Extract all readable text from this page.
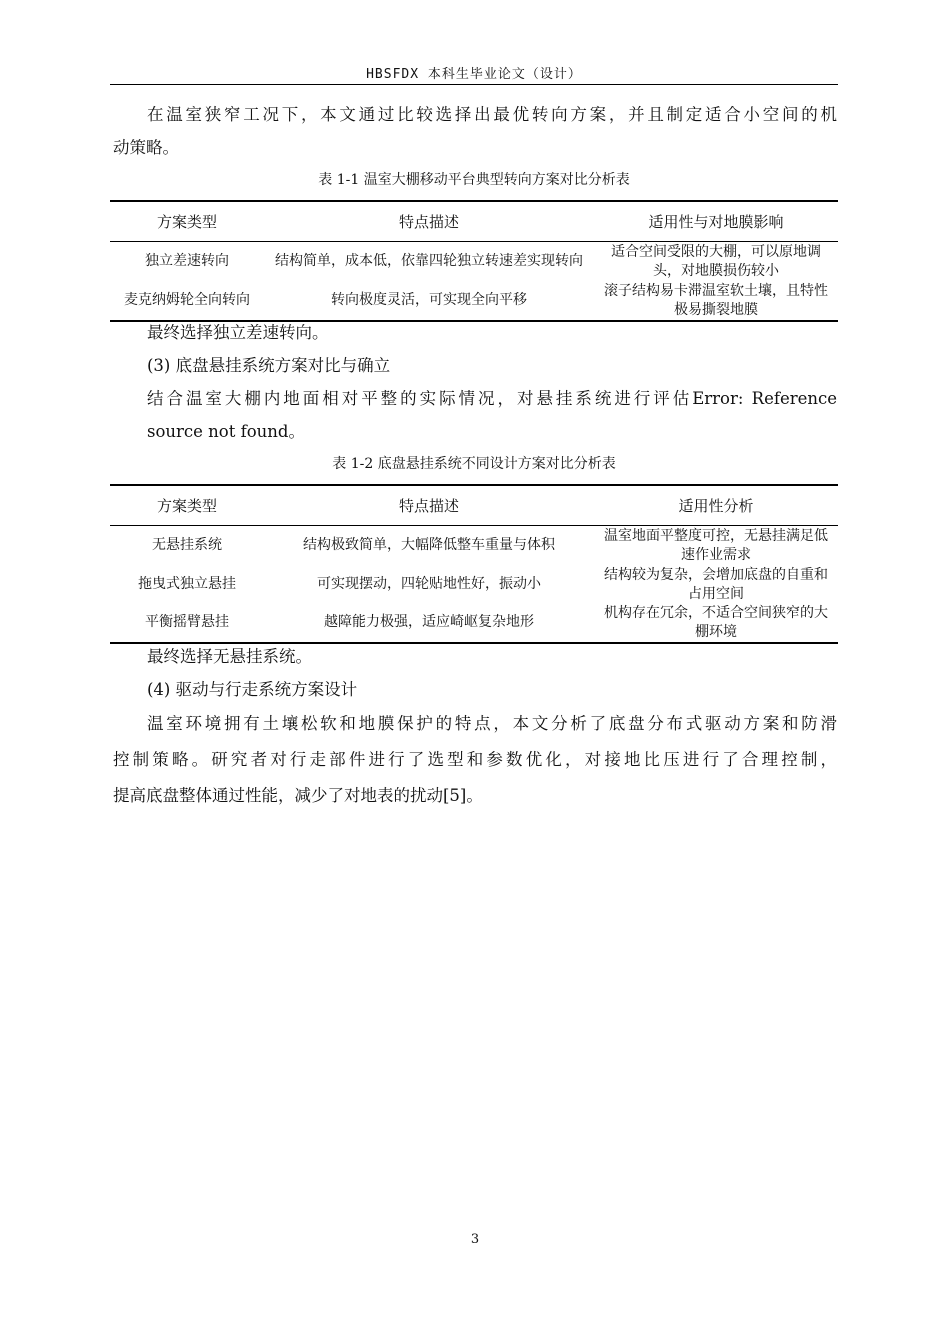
HBSFDX 本科生毕业论文（设计）

在温室狭窄工况下，本文通过比较选择出最优转向方案，并且制定适合小空间的机

动策略。

表 1-1 温室大棚移动平台典型转向方案对比分析表
方案类型	特点描述	适用性与对地膜影响
独立差速转向	结构简单，成本低，依靠四轮独立转速差实现转向	适合空间受限的大棚，可以原地调头，对地膜损伤较小
麦克纳姆轮全向转向	转向极度灵活，可实现全向平移	滚子结构易卡滞温室软土壤，且特性极易撕裂地膜

最终选择独立差速转向。

(3) 底盘悬挂系统方案对比与确立

结合温室大棚内地面相对平整的实际情况，对悬挂系统进行评估Error: Reference

source not found。

表 1-2 底盘悬挂系统不同设计方案对比分析表
方案类型	特点描述	适用性分析
无悬挂系统	结构极致简单，大幅降低整车重量与体积	温室地面平整度可控，无悬挂满足低速作业需求
拖曳式独立悬挂	可实现摆动，四轮贴地性好，振动小	结构较为复杂，会增加底盘的自重和占用空间
平衡摇臂悬挂	越障能力极强，适应崎岖复杂地形	机构存在冗余，不适合空间狭窄的大棚环境

最终选择无悬挂系统。

(4) 驱动与行走系统方案设计

温室环境拥有土壤松软和地膜保护的特点，本文分析了底盘分布式驱动方案和防滑

控制策略。研究者对行走部件进行了选型和参数优化，对接地比压进行了合理控制，

提高底盘整体通过性能，减少了对地表的扰动[5]。

3
